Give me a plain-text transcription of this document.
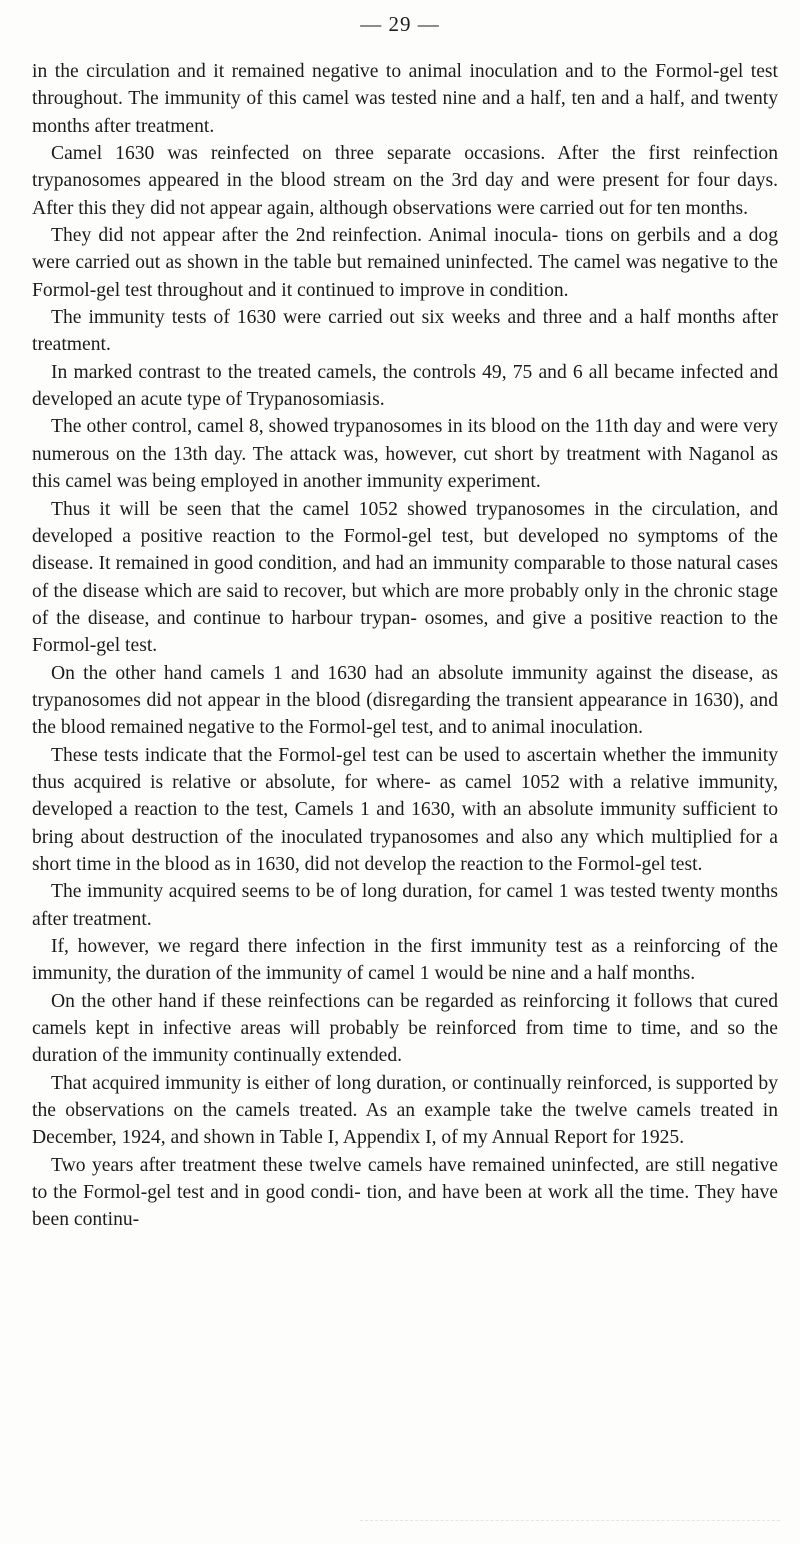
— 29 —

in the circulation and it remained negative to animal inoculation and to the Formol-gel test throughout. The immunity of this camel was tested nine and a half, ten and a half, and twenty months after treatment.

Camel 1630 was reinfected on three separate occasions. After the first reinfection trypanosomes appeared in the blood stream on the 3rd day and were present for four days. After this they did not appear again, although observations were carried out for ten months.

They did not appear after the 2nd reinfection. Animal inocula- tions on gerbils and a dog were carried out as shown in the table but remained uninfected. The camel was negative to the Formol-gel test throughout and it continued to improve in condition.

The immunity tests of 1630 were carried out six weeks and three and a half months after treatment.

In marked contrast to the treated camels, the controls 49, 75 and 6 all became infected and developed an acute type of Trypanosomiasis.

The other control, camel 8, showed trypanosomes in its blood on the 11th day and were very numerous on the 13th day. The attack was, however, cut short by treatment with Naganol as this camel was being employed in another immunity experiment.

Thus it will be seen that the camel 1052 showed trypanosomes in the circulation, and developed a positive reaction to the Formol-gel test, but developed no symptoms of the disease. It remained in good condition, and had an immunity comparable to those natural cases of the disease which are said to recover, but which are more probably only in the chronic stage of the disease, and continue to harbour trypan- osomes, and give a positive reaction to the Formol-gel test.

On the other hand camels 1 and 1630 had an absolute immunity against the disease, as trypanosomes did not appear in the blood (disregarding the transient appearance in 1630), and the blood remained negative to the Formol-gel test, and to animal inoculation.

These tests indicate that the Formol-gel test can be used to ascertain whether the immunity thus acquired is relative or absolute, for where- as camel 1052 with a relative immunity, developed a reaction to the test, Camels 1 and 1630, with an absolute immunity sufficient to bring about destruction of the inoculated trypanosomes and also any which multiplied for a short time in the blood as in 1630, did not develop the reaction to the Formol-gel test.

The immunity acquired seems to be of long duration, for camel 1 was tested twenty months after treatment.

If, however, we regard there infection in the first immunity test as a reinforcing of the immunity, the duration of the immunity of camel 1 would be nine and a half months.

On the other hand if these reinfections can be regarded as reinforcing it follows that cured camels kept in infective areas will probably be reinforced from time to time, and so the duration of the immunity continually extended.

That acquired immunity is either of long duration, or continually reinforced, is supported by the observations on the camels treated. As an example take the twelve camels treated in December, 1924, and shown in Table I, Appendix I, of my Annual Report for 1925.

Two years after treatment these twelve camels have remained uninfected, are still negative to the Formol-gel test and in good condi- tion, and have been at work all the time. They have been continu-
